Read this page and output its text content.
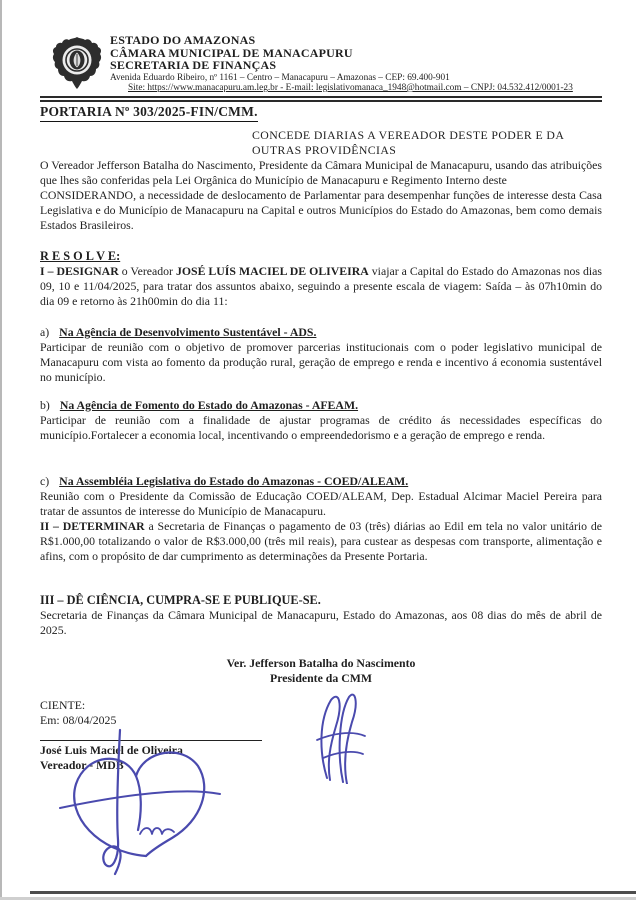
ESTADO DO AMAZONAS
CÂMARA MUNICIPAL DE MANACAPURU
SECRETARIA DE FINANÇAS
Avenida Eduardo Ribeiro, nº 1161 – Centro – Manacapuru – Amazonas – CEP: 69.400-901
Site: https://www.manacapuru.am.leg.br - E-mail: legislativomanaca_1948@hotmail.com – CNPJ: 04.532.412/0001-23
PORTARIA Nº 303/2025-FIN/CMM.
CONCEDE DIARIAS A VEREADOR DESTE PODER E DA OUTRAS PROVIDÊNCIAS

O Vereador Jefferson Batalha do Nascimento, Presidente da Câmara Municipal de Manacapuru, usando das atribuições que lhes são conferidas pela Lei Orgânica do Município de Manacapuru e Regimento Interno deste

CONSIDERANDO, a necessidade de deslocamento de Parlamentar para desempenhar funções de interesse desta Casa Legislativa e do Município de Manacapuru na Capital e outros Municípios do Estado do Amazonas, bem como demais Estados Brasileiros.

R E S O L V E:

I – DESIGNAR o Vereador JOSÉ LUÍS MACIEL DE OLIVEIRA viajar a Capital do Estado do Amazonas nos dias 09, 10 e 11/04/2025, para tratar dos assuntos abaixo, seguindo a presente escala de viagem: Saída – às 07h10min do dia 09 e retorno às 21h00min do dia 11:

a) Na Agência de Desenvolvimento Sustentável - ADS.

Participar de reunião com o objetivo de promover parcerias institucionais com o poder legislativo municipal de Manacapuru com vista ao fomento da produção rural, geração de emprego e renda e incentivo á economia sustentável no município.

b) Na Agência de Fomento do Estado do Amazonas - AFEAM.

Participar de reunião com a finalidade de ajustar programas de crédito ás necessidades específicas do município.Fortalecer a economia local, incentivando o empreendedorismo e a geração de emprego e renda.

c) Na Assembléia Legislativa do Estado do Amazonas - COED/ALEAM.

Reunião com o Presidente da Comissão de Educação COED/ALEAM, Dep. Estadual Alcimar Maciel Pereira para tratar de assuntos de interesse do Município de Manacapuru.

II – DETERMINAR a Secretaria de Finanças o pagamento de 03 (três) diárias ao Edil em tela no valor unitário de R$1.000,00 totalizando o valor de R$3.000,00 (três mil reais), para custear as despesas com transporte, alimentação e afins, com o propósito de dar cumprimento as determinações da Presente Portaria.

III – DÊ CIÊNCIA, CUMPRA-SE E PUBLIQUE-SE.

Secretaria de Finanças da Câmara Municipal de Manacapuru, Estado do Amazonas, aos 08 dias do mês de abril de 2025.

Ver. Jefferson Batalha do Nascimento
Presidente da CMM
CIENTE:
Em: 08/04/2025
José Luis Maciel de Oliveira
Vereador - MDB
